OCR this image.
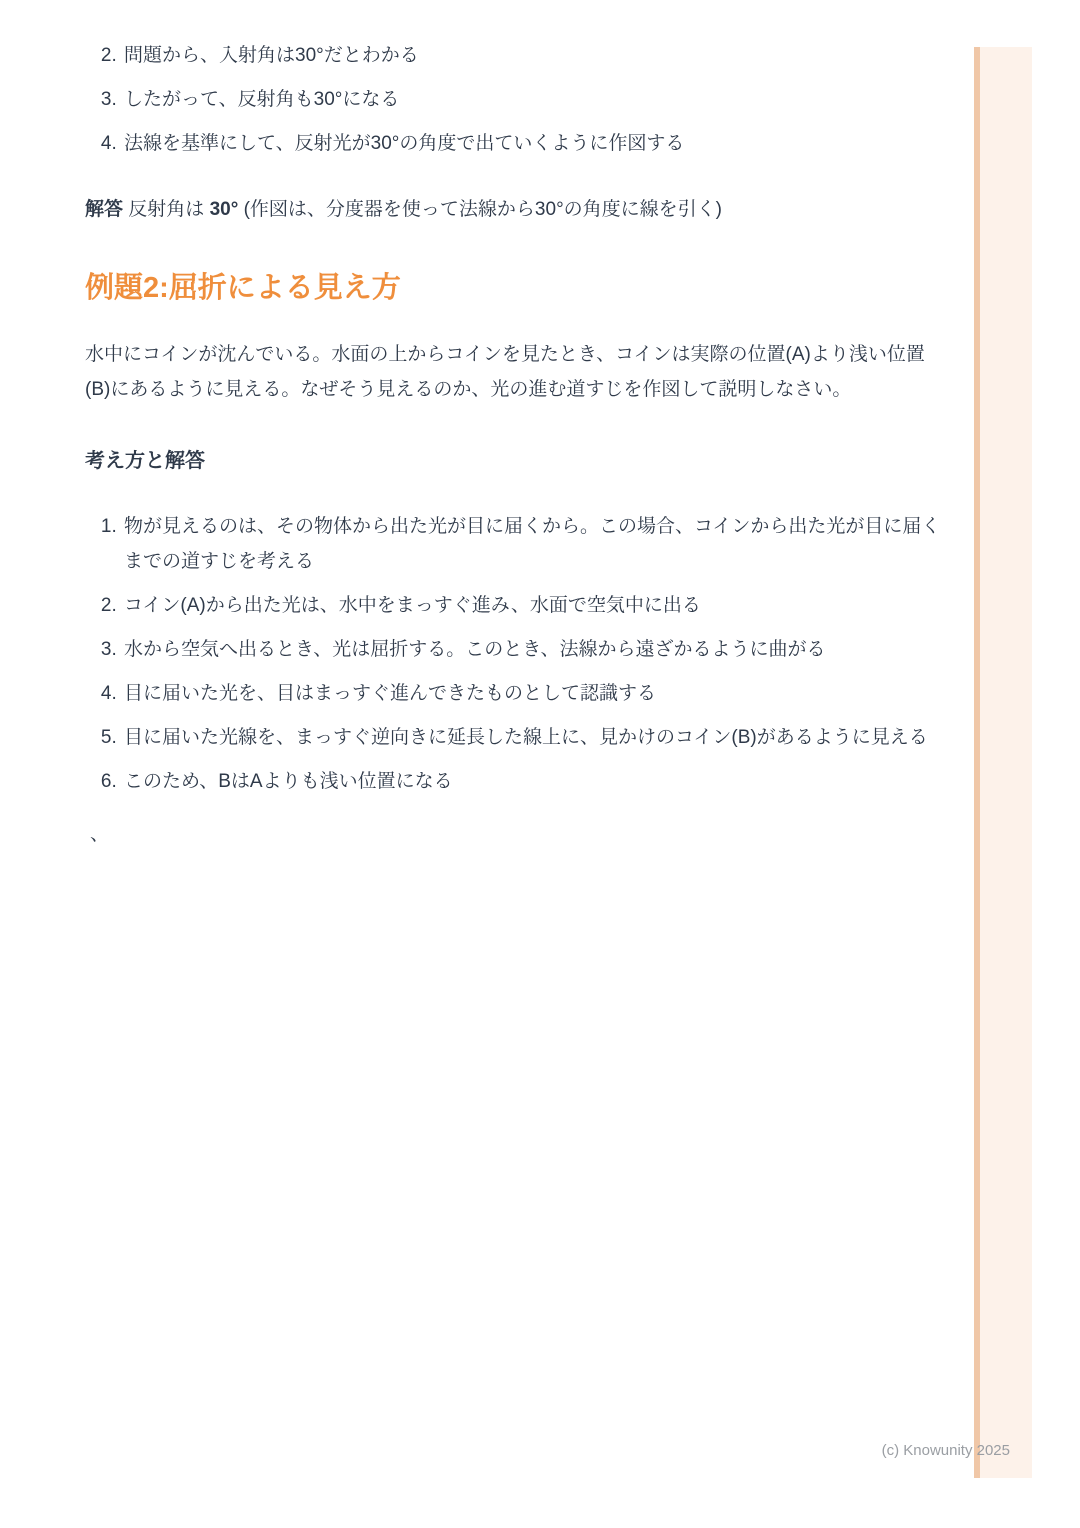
2. 問題から、入射角は30°だとわかる
3. したがって、反射角も30°になる
4. 法線を基準にして、反射光が30°の角度で出ていくように作図する

解答 反射角は 30° (作図は、分度器を使って法線から30°の角度に線を引く)

例題2:屈折による見え方

水中にコインが沈んでいる。水面の上からコインを見たとき、コインは実際の位置(A)より浅い位置(B)にあるように見える。なぜそう見えるのか、光の進む道すじを作図して説明しなさい。

考え方と解答
1. 物が見えるのは、その物体から出た光が目に届くから。この場合、コインから出た光が目に届くまでの道すじを考える
2. コイン(A)から出た光は、水中をまっすぐ進み、水面で空気中に出る
3. 水から空気へ出るとき、光は屈折する。このとき、法線から遠ざかるように曲がる
4. 目に届いた光を、目はまっすぐ進んできたものとして認識する
5. 目に届いた光線を、まっすぐ逆向きに延長した線上に、見かけのコイン(B)があるように見える
6. このため、BはAよりも浅い位置になる
、
(c) Knowunity 2025
